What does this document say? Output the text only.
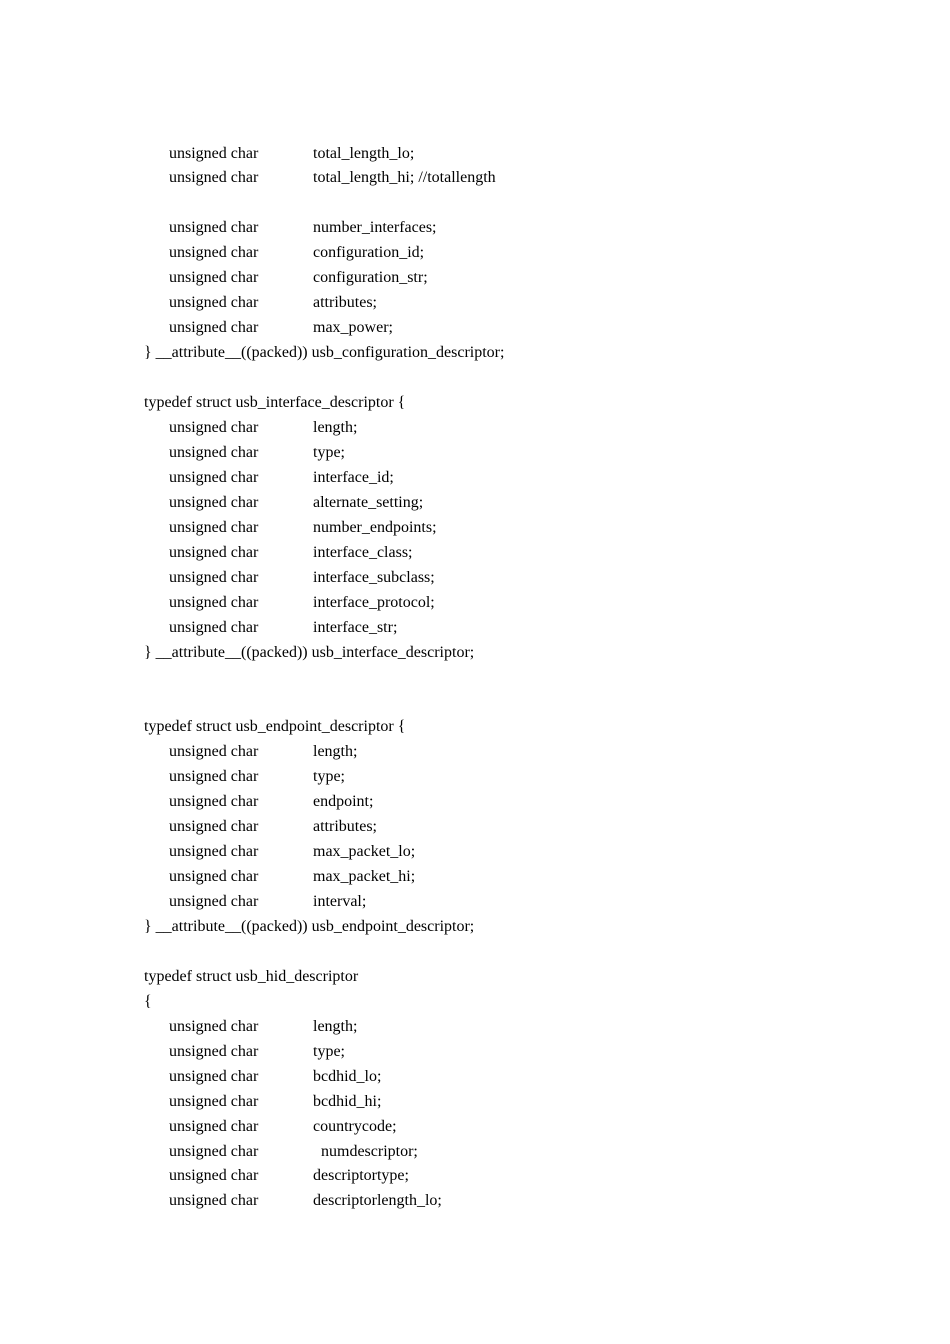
unsigned char	total_length_lo;
unsigned char	total_length_hi; //totallength
unsigned char	number_interfaces;
unsigned char	configuration_id;
unsigned char	configuration_str;
unsigned char	attributes;
unsigned char	max_power;
} __attribute__((packed)) usb_configuration_descriptor;
typedef struct usb_interface_descriptor {
unsigned char	length;
unsigned char	type;
unsigned char	interface_id;
unsigned char	alternate_setting;
unsigned char	number_endpoints;
unsigned char	interface_class;
unsigned char	interface_subclass;
unsigned char	interface_protocol;
unsigned char	interface_str;
} __attribute__((packed)) usb_interface_descriptor;
typedef struct usb_endpoint_descriptor {
unsigned char	length;
unsigned char	type;
unsigned char	endpoint;
unsigned char	attributes;
unsigned char	max_packet_lo;
unsigned char	max_packet_hi;
unsigned char	interval;
} __attribute__((packed)) usb_endpoint_descriptor;
typedef struct usb_hid_descriptor
{
unsigned char	length;
unsigned char	type;
unsigned char	bcdhid_lo;
unsigned char	bcdhid_hi;
unsigned char	countrycode;
unsigned char	numdescriptor;
unsigned char	descriptortype;
unsigned char	descriptorlength_lo;
